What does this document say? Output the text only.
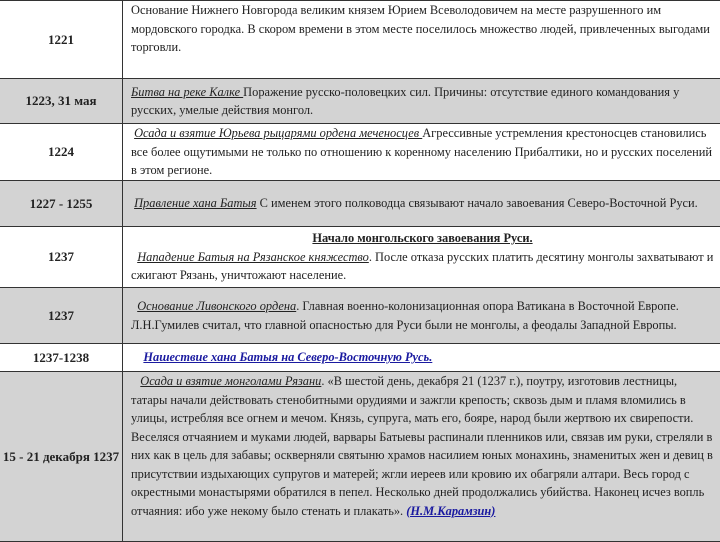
1221	Основание Нижнего Новгорода великим князем Юрием Всеволодовичем на месте разрушенного им мордовского городка. В скором времени в этом месте поселилось множество людей, привлеченных выгодами торговли.
1223, 31 мая	Битва на реке Калке Поражение русско-половецких сил. Причины: отсутствие единого командования у русских, умелые действия монгол.
1224	Осада и взятие Юрьева рыцарями ордена меченосцев Агрессивные устремления крестоносцев становились все более ощутимыми не только по отношению к коренному населению Прибалтики, но и русских поселений в этом регионе.
1227 - 1255	Правление хана Батыя С именем этого полководца связывают начало завоевания Северо-Восточной Руси.
1237	Начало монгольского завоевания Руси.
Нападение Батыя на Рязанское княжество. После отказа русских платить десятину монголы захватывают и сжигают Рязань, уничтожают население.
1237	Основание Ливонского ордена. Главная военно-колонизационная опора Ватикана в Восточной Европе. Л.Н.Гумилев считал, что главной опасностью для Руси были не монголы, а феодалы Западной Европы.
1237-1238	Нашествие хана Батыя на Северо-Восточную Русь.
15 - 21 декабря 1237	Осада и взятие монголами Рязани. «В шестой день, декабря 21 (1237 г.), поутру, изготовив лестницы, татары начали действовать стенобитными орудиями и зажгли крепость; сквозь дым и пламя вломились в улицы, истребляя все огнем и мечом. Князь, супруга, мать его, бояре, народ были жертвою их свирепости. Веселяся отчаянием и муками людей, варвары Батыевы распинали пленников или, связав им руки, стреляли в них как в цель для забавы; оскверняли святыню храмов насилием юных монахинь, знаменитых жен и девиц в присутствии издыхающих супругов и матерей; жгли иереев или кровию их обагряли алтари. Весь город с окрестными монастырями обратился в пепел. Несколько дней продолжались убийства. Наконец исчез вопль отчаяния: ибо уже некому было стенать и плакать». (Н.М.Карамзин)
